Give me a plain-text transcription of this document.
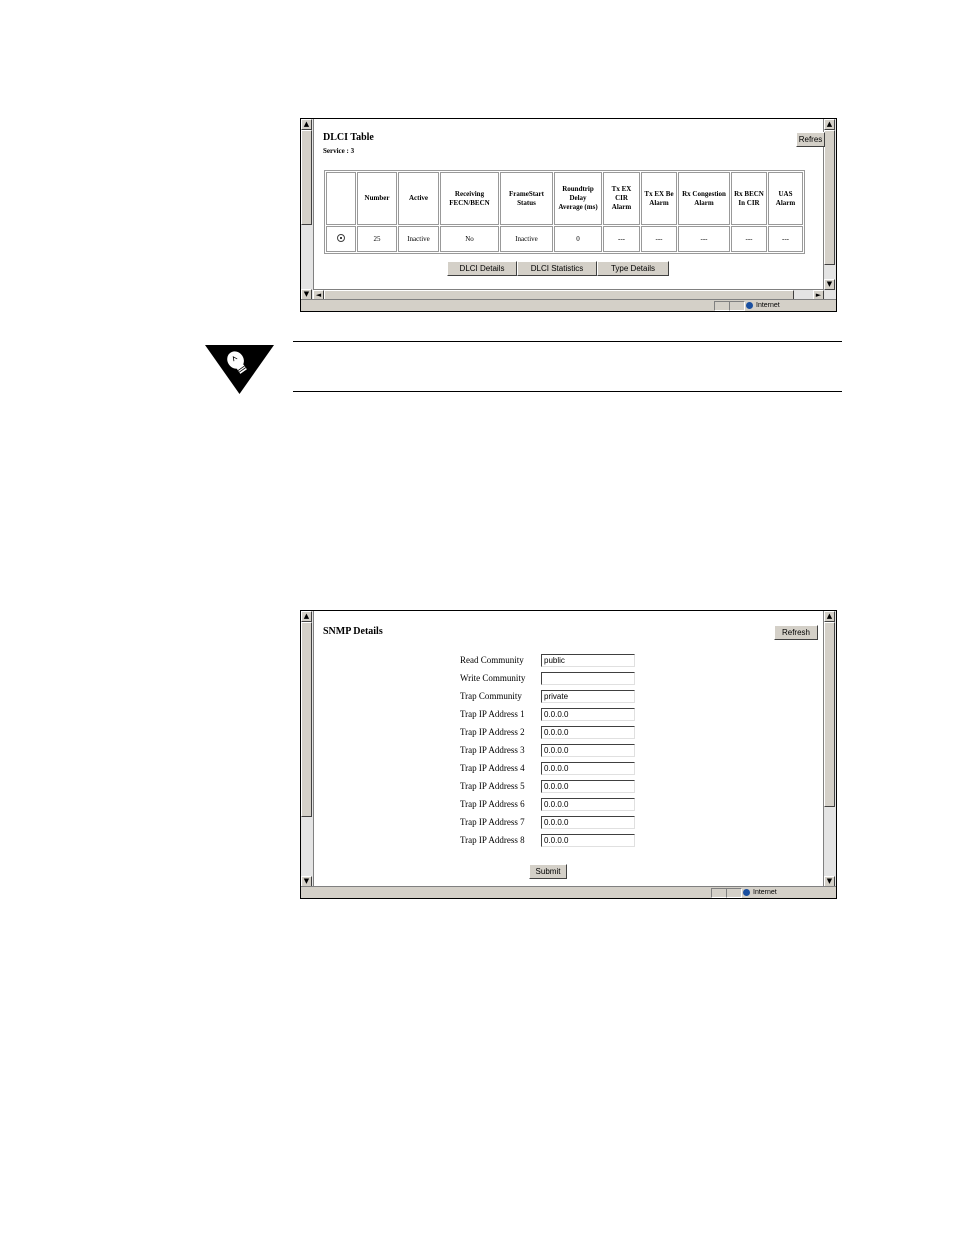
▲
▼
▲
▼
DLCI Table
Service : 3
Refres
	Number	Active	Receiving FECN/BECN	FrameStart Status	Roundtrip Delay Average (ms)	Tx EX CIR Alarm	Tx EX Be Alarm	Rx Congestion Alarm	Rx BECN In CIR	UAS Alarm
	25	Inactive	No	Inactive	0	---	---	---	---	---
DLCI Details	DLCI Statistics	Type Details
◄	►
Internet
▲
▼
▲
▼
SNMP Details	Refresh
Read Community	public
Write Community
Trap Community	private
Trap IP Address 1	0.0.0.0
Trap IP Address 2	0.0.0.0
Trap IP Address 3	0.0.0.0
Trap IP Address 4	0.0.0.0
Trap IP Address 5	0.0.0.0
Trap IP Address 6	0.0.0.0
Trap IP Address 7	0.0.0.0
Trap IP Address 8	0.0.0.0
Submit
Internet
